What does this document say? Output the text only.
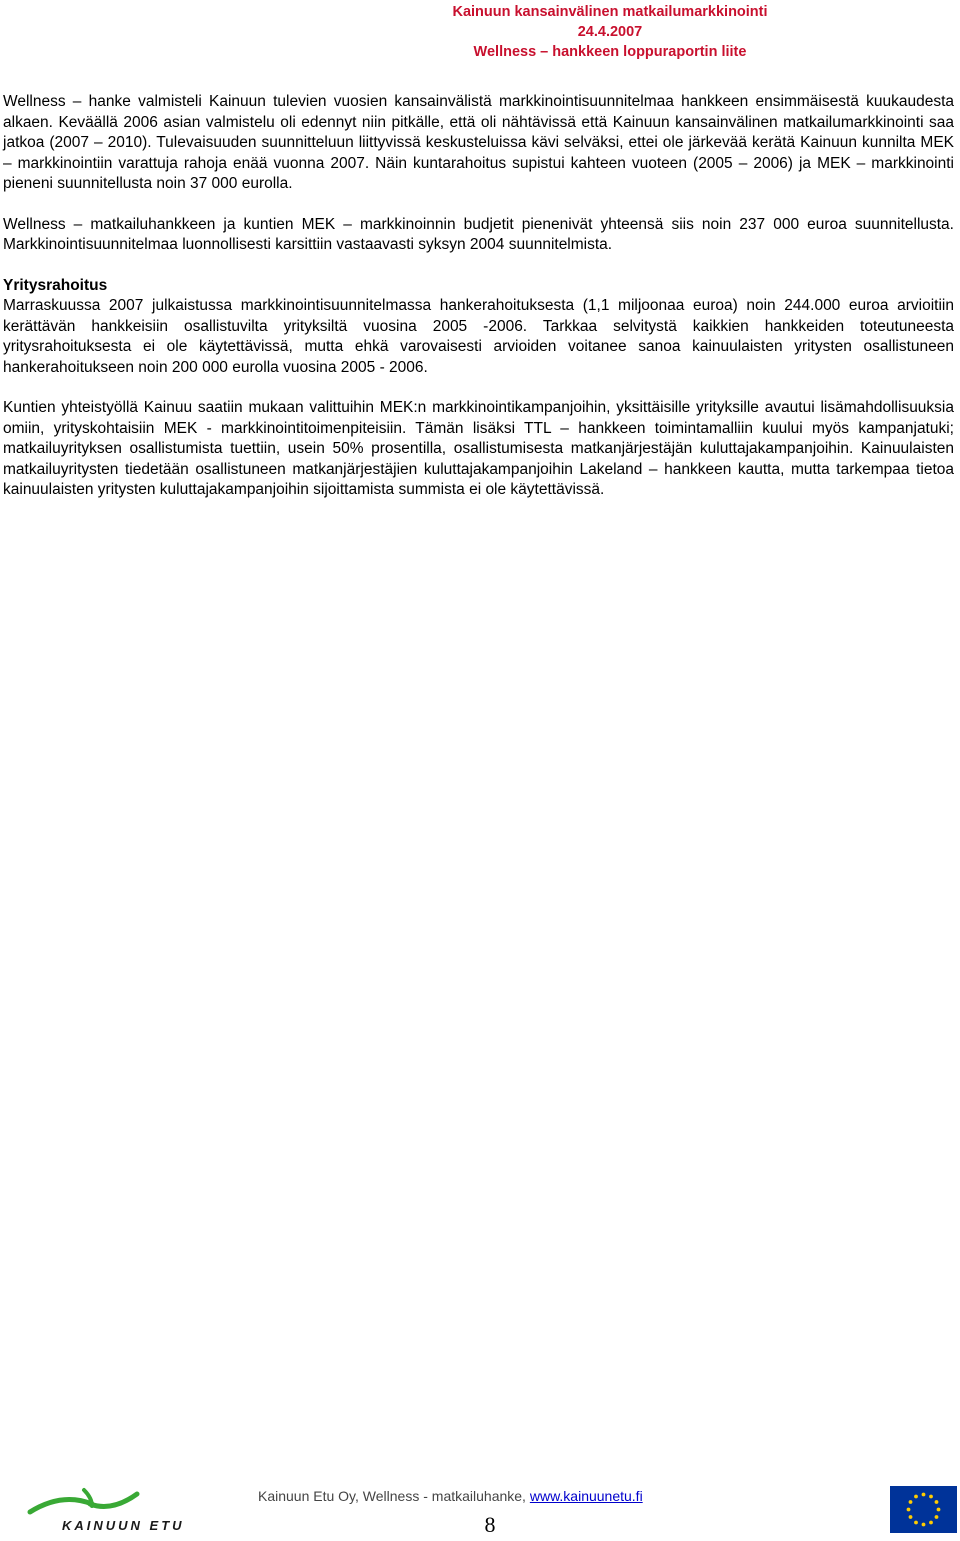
Kainuun kansainvälinen matkailumarkkinointi
24.4.2007
Wellness – hankkeen loppuraportin liite

Wellness – hanke valmisteli Kainuun tulevien vuosien kansainvälistä markkinointisuunnitelmaa hankkeen ensimmäisestä kuukaudesta alkaen. Keväällä 2006 asian valmistelu oli edennyt niin pitkälle, että oli nähtävissä että Kainuun kansainvälinen matkailumarkkinointi saa jatkoa (2007 – 2010). Tulevaisuuden suunnitteluun liittyvissä keskusteluissa kävi selväksi, ettei ole järkevää kerätä Kainuun kunnilta MEK – markkinointiin varattuja rahoja enää vuonna 2007. Näin kuntarahoitus supistui kahteen vuoteen (2005 – 2006) ja MEK – markkinointi pieneni suunnitellusta noin 37 000 eurolla.

Wellness – matkailuhankkeen ja kuntien MEK – markkinoinnin budjetit pienenivät yhteensä siis noin 237 000 euroa suunnitellusta. Markkinointisuunnitelmaa luonnollisesti karsittiin vastaavasti syksyn 2004 suunnitelmista.

Yritysrahoitus

Marraskuussa 2007 julkaistussa markkinointisuunnitelmassa hankerahoituksesta (1,1 miljoonaa euroa) noin 244.000 euroa arvioitiin kerättävän hankkeisiin osallistuvilta yrityksiltä vuosina 2005 -2006. Tarkkaa selvitystä kaikkien hankkeiden toteutuneesta yritysrahoituksesta ei ole käytettävissä, mutta ehkä varovaisesti arvioiden voitanee sanoa kainuulaisten yritysten osallistuneen hankerahoitukseen noin 200 000 eurolla vuosina 2005 - 2006.

Kuntien yhteistyöllä Kainuu saatiin mukaan valittuihin MEK:n markkinointikampanjoihin, yksittäisille yrityksille avautui lisämahdollisuuksia omiin, yrityskohtaisiin MEK - markkinointitoimenpiteisiin. Tämän lisäksi TTL – hankkeen toimintamalliin kuului myös kampanjatuki; matkailuyrityksen osallistumista tuettiin, usein 50% prosentilla, osallistumisesta matkanjärjestäjän kuluttajakampanjoihin. Kainuulaisten matkailuyritysten tiedetään osallistuneen matkanjärjestäjien kuluttajakampanjoihin Lakeland – hankkeen kautta, mutta tarkempaa tietoa kainuulaisten yritysten kuluttajakampanjoihin sijoittamista summista ei ole käytettävissä.

KAINUUN ETU
Kainuun Etu Oy, Wellness - matkailuhanke, www.kainuunetu.fi
8
